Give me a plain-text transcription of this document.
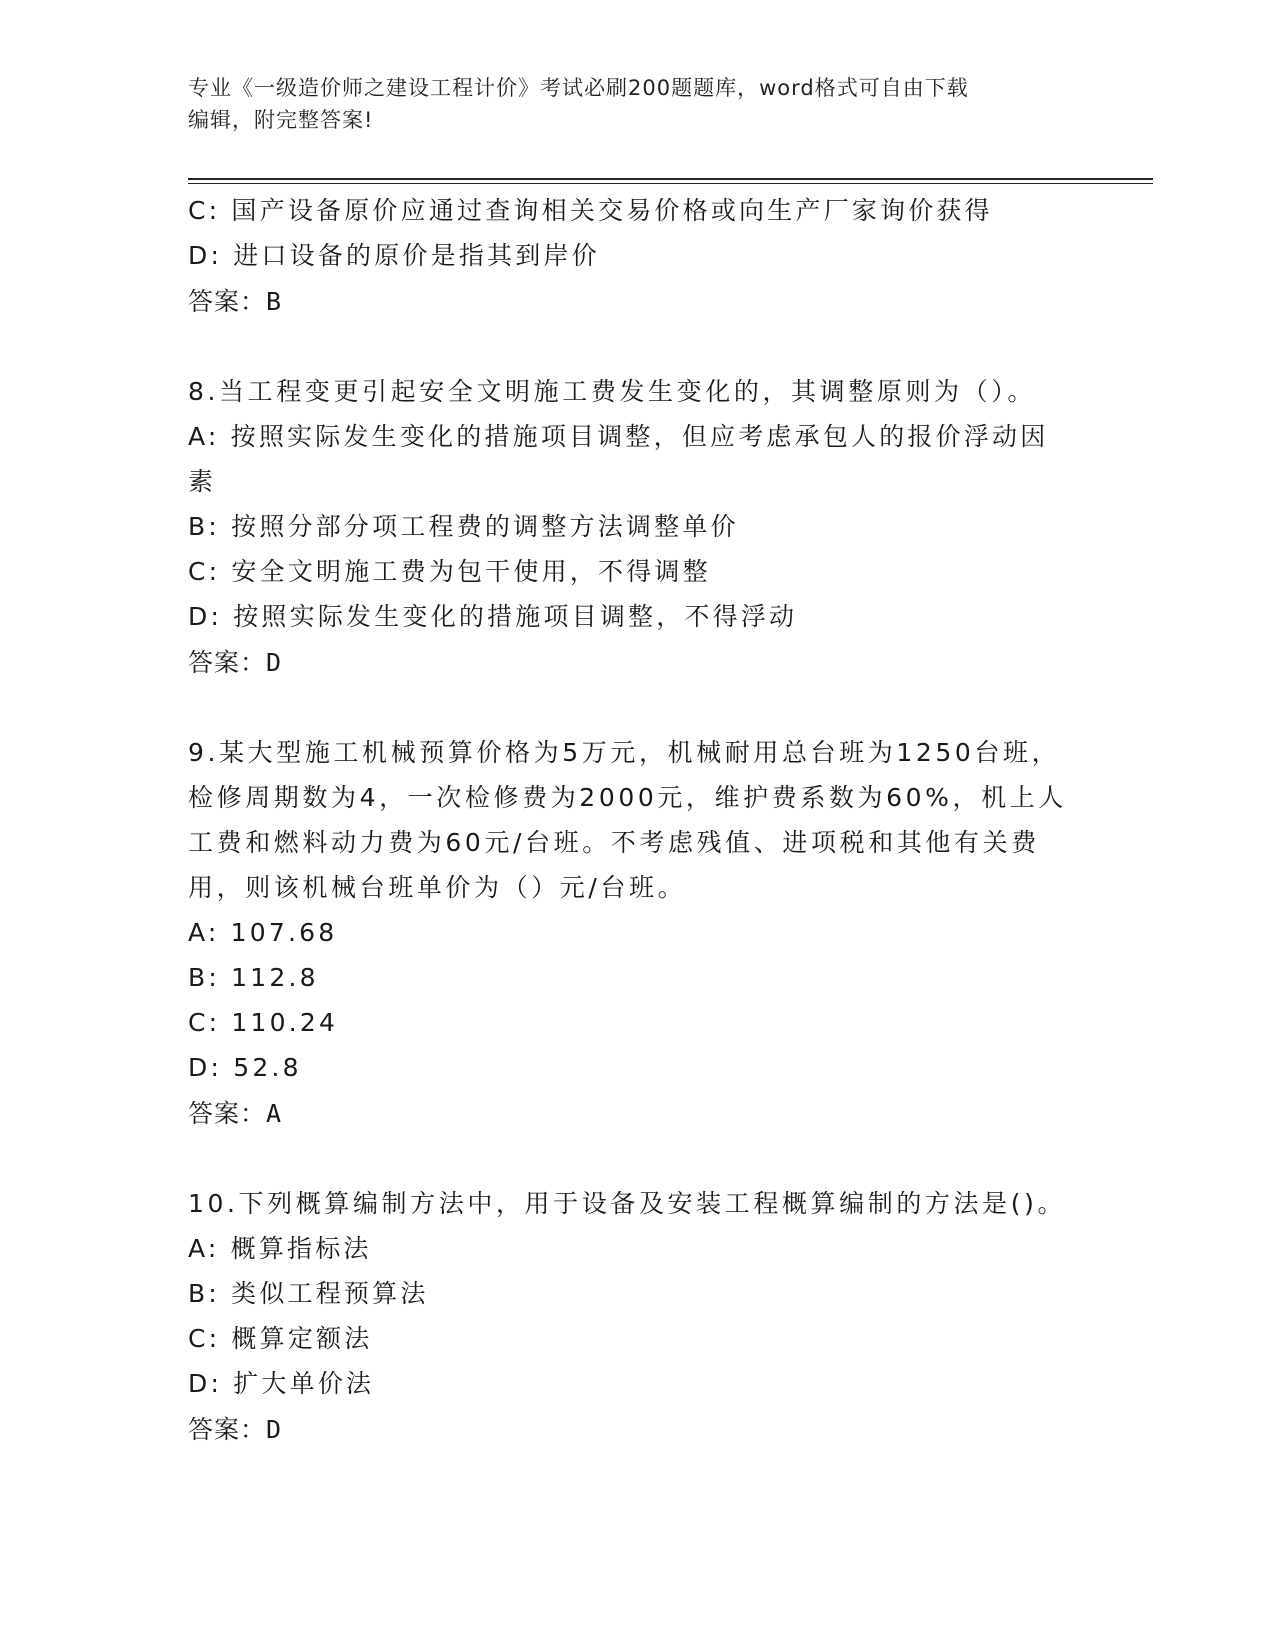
专业《一级造价师之建设工程计价》考试必刷200题题库，word格式可自由下载
编辑，附完整答案!
C: 国产设备原价应通过查询相关交易价格或向生产厂家询价获得
D: 进口设备的原价是指其到岸价
答案：B
8.当工程变更引起安全文明施工费发生变化的，其调整原则为（）。
A: 按照实际发生变化的措施项目调整，但应考虑承包人的报价浮动因
素
B: 按照分部分项工程费的调整方法调整单价
C: 安全文明施工费为包干使用，不得调整
D: 按照实际发生变化的措施项目调整，不得浮动
答案：D
9.某大型施工机械预算价格为5万元，机械耐用总台班为1250台班，
检修周期数为4，一次检修费为2000元，维护费系数为60%，机上人
工费和燃料动力费为60元/台班。不考虑残值、进项税和其他有关费
用，则该机械台班单价为（）元/台班。
A: 107.68
B: 112.8
C: 110.24
D: 52.8
答案：A
10.下列概算编制方法中，用于设备及安装工程概算编制的方法是()。
A: 概算指标法
B: 类似工程预算法
C: 概算定额法
D: 扩大单价法
答案：D
